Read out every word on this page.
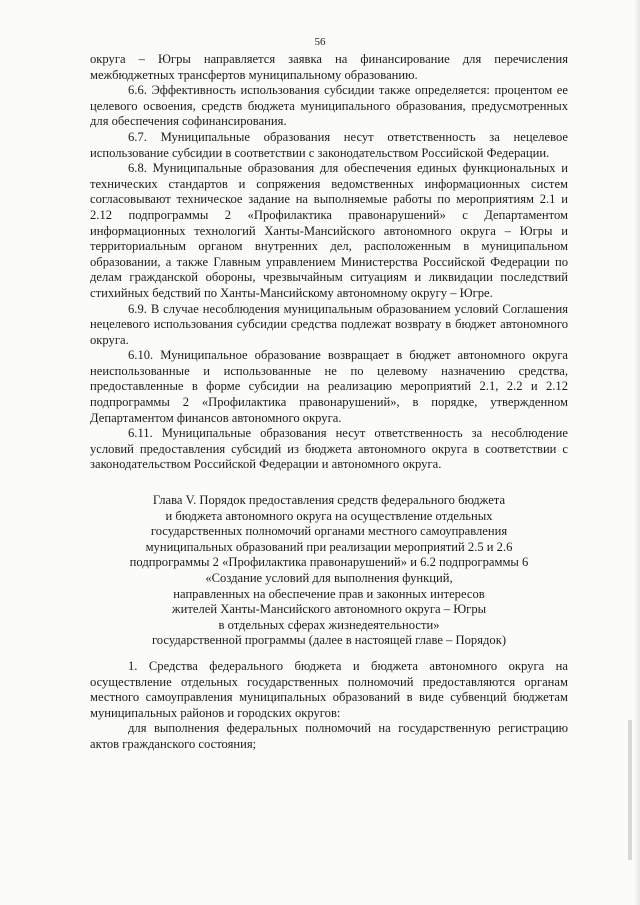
56

округа – Югры направляется заявка на финансирование для перечисления межбюджетных трансфертов муниципальному образованию.

6.6. Эффективность использования субсидии также определяется: процентом ее целевого освоения, средств бюджета муниципального образования, предусмотренных для обеспечения софинансирования.

6.7. Муниципальные образования несут ответственность за нецелевое использование субсидии в соответствии с законодательством Российской Федерации.

6.8. Муниципальные образования для обеспечения единых функциональных и технических стандартов и сопряжения ведомственных информационных систем согласовывают техническое задание на выполняемые работы по мероприятиям 2.1 и 2.12 подпрограммы 2 «Профилактика правонарушений» с Департаментом информационных технологий Ханты-Мансийского автономного округа – Югры и территориальным органом внутренних дел, расположенным в муниципальном образовании, а также Главным управлением Министерства Российской Федерации по делам гражданской обороны, чрезвычайным ситуациям и ликвидации последствий стихийных бедствий по Ханты-Мансийскому автономному округу – Югре.

6.9. В случае несоблюдения муниципальным образованием условий Соглашения нецелевого использования субсидии средства подлежат возврату в бюджет автономного округа.

6.10. Муниципальное образование возвращает в бюджет автономного округа неиспользованные и использованные не по целевому назначению средства, предоставленные в форме субсидии на реализацию мероприятий 2.1, 2.2 и 2.12 подпрограммы 2 «Профилактика правонарушений», в порядке, утвержденном Департаментом финансов автономного округа.

6.11. Муниципальные образования несут ответственность за несоблюдение условий предоставления субсидий из бюджета автономного округа в соответствии с законодательством Российской Федерации и автономного округа.

Глава V. Порядок предоставления средств федерального бюджета
и бюджета автономного округа на осуществление отдельных
государственных полномочий органами местного самоуправления
муниципальных образований при реализации мероприятий 2.5 и 2.6
подпрограммы 2 «Профилактика правонарушений» и 6.2 подпрограммы 6
«Создание условий для выполнения функций,
направленных на обеспечение прав и законных интересов
жителей Ханты-Мансийского автономного округа – Югры
в отдельных сферах жизнедеятельности»
государственной программы (далее в настоящей главе – Порядок)

1. Средства федерального бюджета и бюджета автономного округа на осуществление отдельных государственных полномочий предоставляются органам местного самоуправления муниципальных образований в виде субвенций бюджетам муниципальных районов и городских округов:

для выполнения федеральных полномочий на государственную регистрацию актов гражданского состояния;
